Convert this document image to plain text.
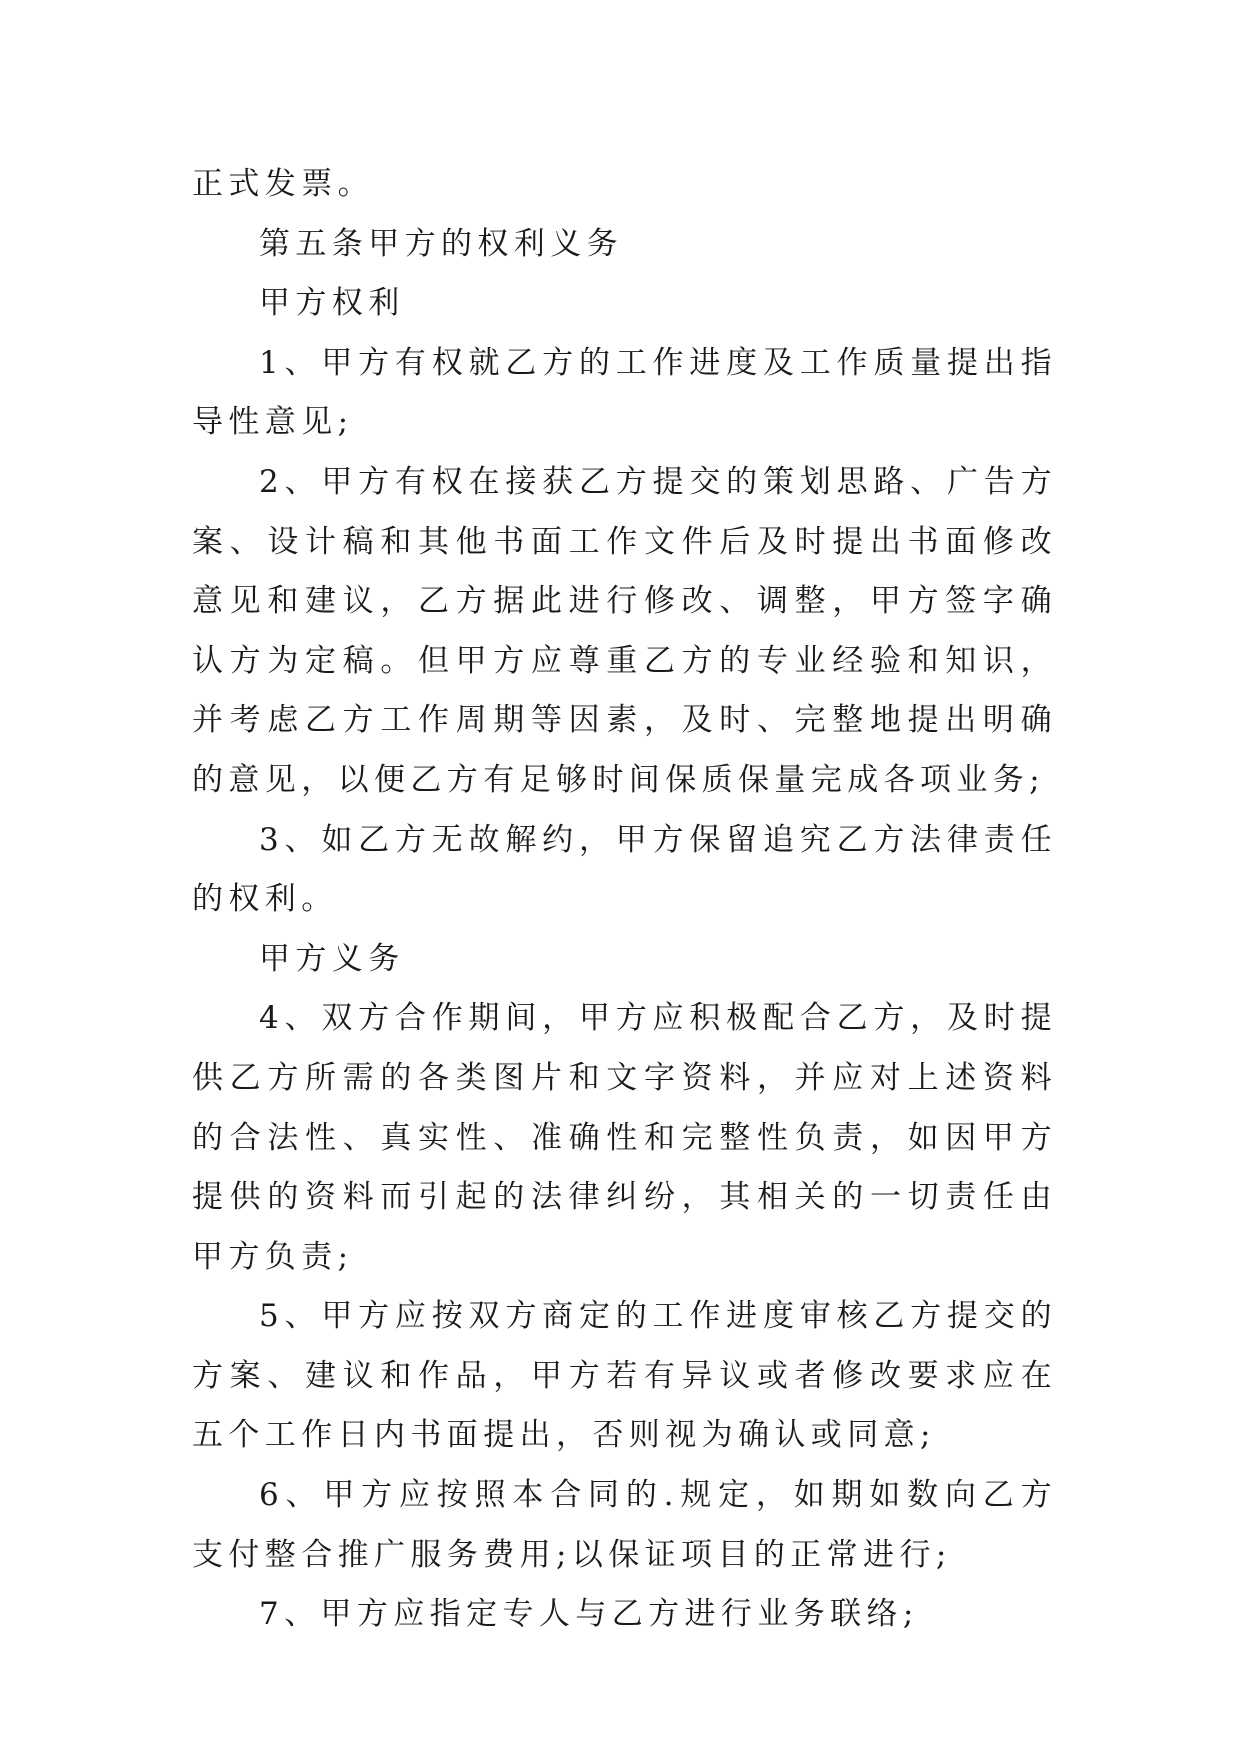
正式发票。

第五条甲方的权利义务

甲方权利

1、甲方有权就乙方的工作进度及工作质量提出指导性意见;

2、甲方有权在接获乙方提交的策划思路、广告方案、设计稿和其他书面工作文件后及时提出书面修改意见和建议，乙方据此进行修改、调整，甲方签字确认方为定稿。但甲方应尊重乙方的专业经验和知识，并考虑乙方工作周期等因素，及时、完整地提出明确的意见，以便乙方有足够时间保质保量完成各项业务;

3、如乙方无故解约，甲方保留追究乙方法律责任的权利。

甲方义务

4、双方合作期间，甲方应积极配合乙方，及时提供乙方所需的各类图片和文字资料，并应对上述资料的合法性、真实性、准确性和完整性负责，如因甲方提供的资料而引起的法律纠纷，其相关的一切责任由甲方负责;

5、甲方应按双方商定的工作进度审核乙方提交的方案、建议和作品，甲方若有异议或者修改要求应在五个工作日内书面提出，否则视为确认或同意;

6、甲方应按照本合同的.规定，如期如数向乙方支付整合推广服务费用;以保证项目的正常进行;

7、甲方应指定专人与乙方进行业务联络;
